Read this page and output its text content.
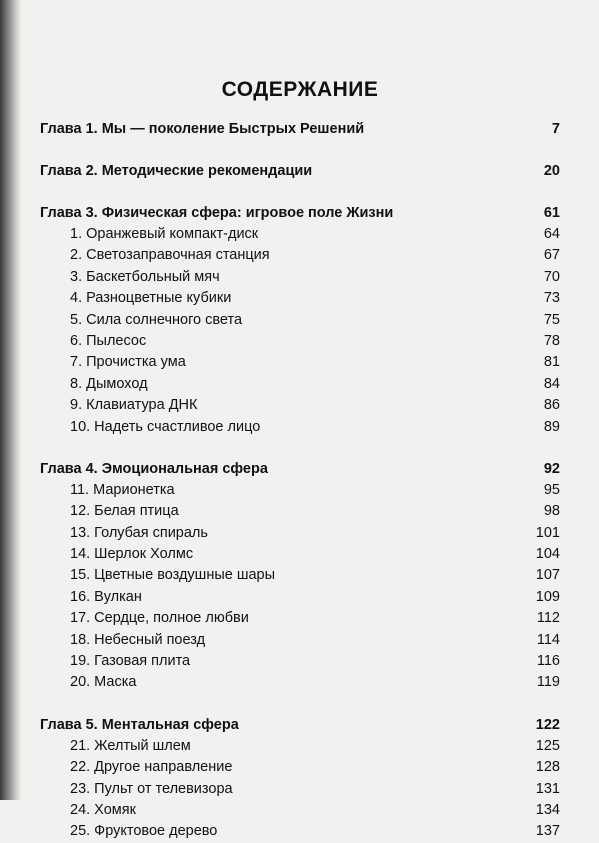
СОДЕРЖАНИЕ
Глава 1. Мы — поколение Быстрых Решений	7
Глава 2. Методические рекомендации	20
Глава 3. Физическая сфера: игровое поле Жизни	61
1. Оранжевый компакт-диск	64
2. Светозаправочная станция	67
3. Баскетбольный мяч	70
4. Разноцветные кубики	73
5. Сила солнечного света	75
6. Пылесос	78
7. Прочистка ума	81
8. Дымоход	84
9. Клавиатура ДНК	86
10. Надеть счастливое лицо	89
Глава 4. Эмоциональная сфера	92
11. Марионетка	95
12. Белая птица	98
13. Голубая спираль	101
14. Шерлок Холмс	104
15. Цветные воздушные шары	107
16. Вулкан	109
17. Сердце, полное любви	112
18. Небесный поезд	114
19. Газовая плита	116
20. Маска	119
Глава 5. Ментальная сфера	122
21. Желтый шлем	125
22. Другое направление	128
23. Пульт от телевизора	131
24. Хомяк	134
25. Фруктовое дерево	137
